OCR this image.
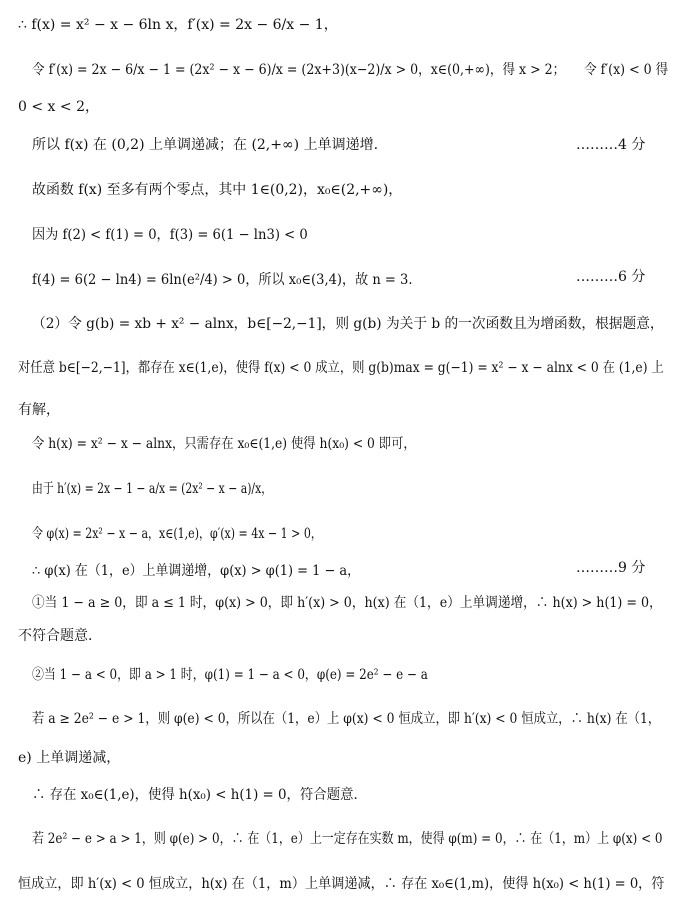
∴ f(x) = x² − x − 6ln x，f′(x) = 2x − 6/x − 1，
令 f′(x) = 2x − 6/x − 1 = (2x² − x − 6)/x = (2x+3)(x−2)/x > 0，x∈(0,+∞)，得 x > 2；　　令 f′(x) < 0 得
0 < x < 2，
所以 f(x) 在 (0,2) 上单调递减；在 (2,+∞) 上单调递增.
故函数 f(x) 至多有两个零点，其中 1∈(0,2)，x₀∈(2,+∞)，
因为 f(2) < f(1) = 0，f(3) = 6(1 − ln3) < 0
f(4) = 6(2 − ln4) = 6ln(e²/4) > 0，所以 x₀∈(3,4)，故 n = 3.
（2）令 g(b) = xb + x² − alnx，b∈[−2,−1]，则 g(b) 为关于 b 的一次函数且为增函数，根据题意，
对任意 b∈[−2,−1]，都存在 x∈(1,e)，使得 f(x) < 0 成立，则 g(b)max = g(−1) = x² − x − alnx < 0 在 (1,e) 上
有解，
令 h(x) = x² − x − alnx，只需存在 x₀∈(1,e) 使得 h(x₀) < 0 即可，
由于 h′(x) = 2x − 1 − a/x = (2x² − x − a)/x，
令 φ(x) = 2x² − x − a，x∈(1,e)，φ′(x) = 4x − 1 > 0，
∴ φ(x) 在（1，e）上单调递增，φ(x) > φ(1) = 1 − a，
①当 1 − a ≥ 0，即 a ≤ 1 时，φ(x) > 0，即 h′(x) > 0，h(x) 在（1，e）上单调递增，∴ h(x) > h(1) = 0，
不符合题意.
②当 1 − a < 0，即 a > 1 时，φ(1) = 1 − a < 0，φ(e) = 2e² − e − a
若 a ≥ 2e² − e > 1，则 φ(e) < 0，所以在（1，e）上 φ(x) < 0 恒成立，即 h′(x) < 0 恒成立，∴ h(x) 在（1，
e) 上单调递减，
∴ 存在 x₀∈(1,e)，使得 h(x₀) < h(1) = 0，符合题意.
若 2e² − e > a > 1，则 φ(e) > 0，∴ 在（1，e）上一定存在实数 m，使得 φ(m) = 0，∴ 在（1，m）上 φ(x) < 0
恒成立，即 h′(x) < 0 恒成立，h(x) 在（1，m）上单调递减，∴ 存在 x₀∈(1,m)，使得 h(x₀) < h(1) = 0，符
………4 分
………6 分
………9 分
